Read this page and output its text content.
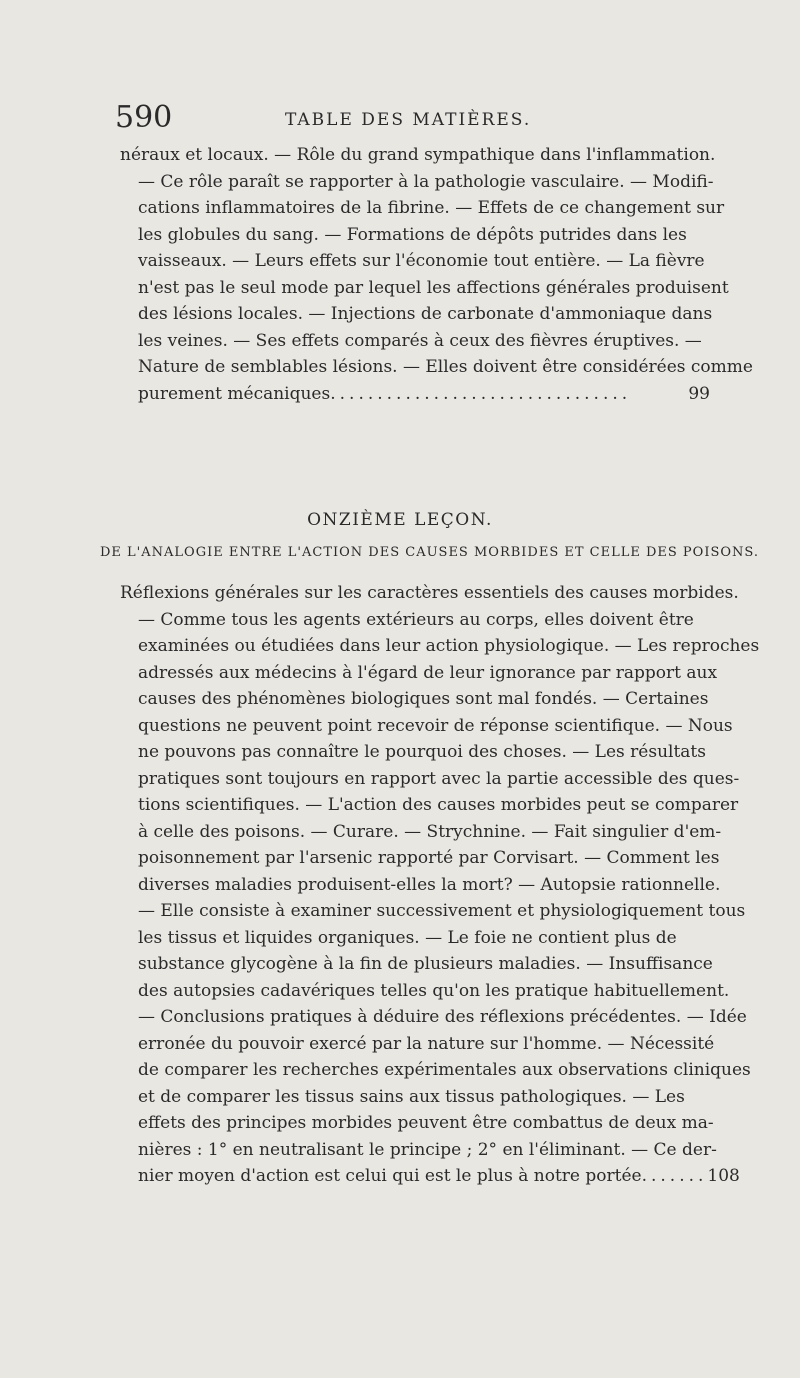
590	TABLE DES MATIÈRES.
néraux et locaux. — Rôle du grand sympathique dans l'inflammation.
— Ce rôle paraît se rapporter à la pathologie vasculaire. — Modifi-
cations inflammatoires de la fibrine. — Effets de ce changement sur
les globules du sang. — Formations de dépôts putrides dans les
vaisseaux. — Leurs effets sur l'économie tout entière. — La fièvre
n'est pas le seul mode par lequel les affections générales produisent
des lésions locales. — Injections de carbonate d'ammoniaque dans
les veines. — Ses effets comparés à ceux des fièvres éruptives. —
Nature de semblables lésions. — Elles doivent être considérées comme
purement mécaniques ................................	99
ONZIÈME LEÇON.
DE L'ANALOGIE ENTRE L'ACTION DES CAUSES MORBIDES ET CELLE DES POISONS.
Réflexions générales sur les caractères essentiels des causes morbides.
— Comme tous les agents extérieurs au corps, elles doivent être
examinées ou étudiées dans leur action physiologique. — Les reproches
adressés aux médecins à l'égard de leur ignorance par rapport aux
causes des phénomènes biologiques sont mal fondés. — Certaines
questions ne peuvent point recevoir de réponse scientifique. — Nous
ne pouvons pas connaître le pourquoi des choses. — Les résultats
pratiques sont toujours en rapport avec la partie accessible des ques-
tions scientifiques. — L'action des causes morbides peut se comparer
à celle des poisons. — Curare. — Strychnine. — Fait singulier d'em-
poisonnement par l'arsenic rapporté par Corvisart. — Comment les
diverses maladies produisent-elles la mort? — Autopsie rationnelle.
— Elle consiste à examiner successivement et physiologiquement tous
les tissus et liquides organiques. — Le foie ne contient plus de
substance glycogène à la fin de plusieurs maladies. — Insuffisance
des autopsies cadavériques telles qu'on les pratique habituellement.
— Conclusions pratiques à déduire des réflexions précédentes. — Idée
erronée du pouvoir exercé par la nature sur l'homme. — Nécessité
de comparer les recherches expérimentales aux observations cliniques
et de comparer les tissus sains aux tissus pathologiques. — Les
effets des principes morbides peuvent être combattus de deux ma-
nières : 1° en neutralisant le principe ; 2° en l'éliminant. — Ce der-
nier moyen d'action est celui qui est le plus à notre portée ....... 108
